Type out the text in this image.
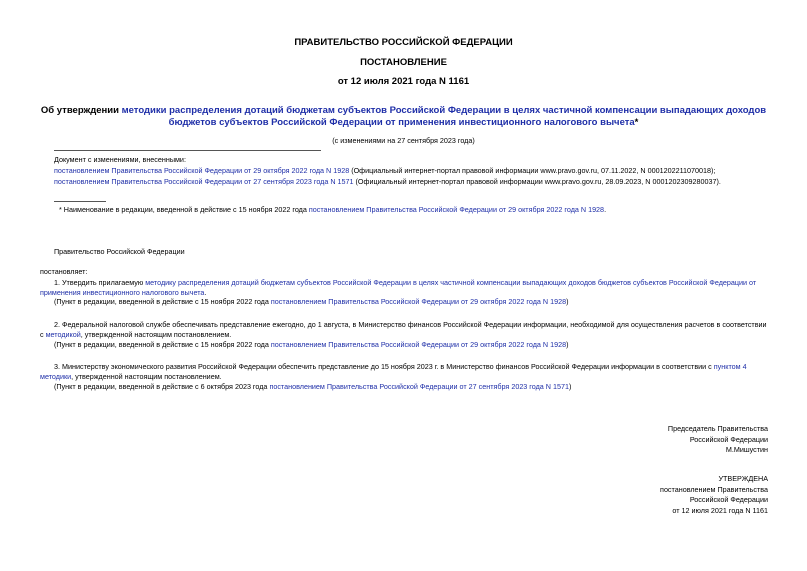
ПРАВИТЕЛЬСТВО РОССИЙСКОЙ ФЕДЕРАЦИИ
ПОСТАНОВЛЕНИЕ
от 12 июля 2021 года N 1161
Об утверждении методики распределения дотаций бюджетам субъектов Российской Федерации в целях частичной компенсации выпадающих доходов бюджетов субъектов Российской Федерации от применения инвестиционного налогового вычета*
(с изменениями на 27 сентября 2023 года)
Документ с изменениями, внесенными:
постановлением Правительства Российской Федерации от 29 октября 2022 года N 1928 (Официальный интернет-портал правовой информации www.pravo.gov.ru, 07.11.2022, N 0001202211070018);
постановлением Правительства Российской Федерации от 27 сентября 2023 года N 1571 (Официальный интернет-портал правовой информации www.pravo.gov.ru, 28.09.2023, N 0001202309280037).
* Наименование в редакции, введенной в действие с 15 ноября 2022 года постановлением Правительства Российской Федерации от 29 октября 2022 года N 1928.
Правительство Российской Федерации
постановляет:
1. Утвердить прилагаемую методику распределения дотаций бюджетам субъектов Российской Федерации в целях частичной компенсации выпадающих доходов бюджетов субъектов Российской Федерации от применения инвестиционного налогового вычета.
(Пункт в редакции, введенной в действие с 15 ноября 2022 года постановлением Правительства Российской Федерации от 29 октября 2022 года N 1928)
2. Федеральной налоговой службе обеспечивать представление ежегодно, до 1 августа, в Министерство финансов Российской Федерации информации, необходимой для осуществления расчетов в соответствии с методикой, утвержденной настоящим постановлением.
(Пункт в редакции, введенной в действие с 15 ноября 2022 года постановлением Правительства Российской Федерации от 29 октября 2022 года N 1928)
3. Министерству экономического развития Российской Федерации обеспечить представление до 15 ноября 2023 г. в Министерство финансов Российской Федерации информации в соответствии с пунктом 4 методики, утвержденной настоящим постановлением.
(Пункт в редакции, введенной в действие с 6 октября 2023 года постановлением Правительства Российской Федерации от 27 сентября 2023 года N 1571)
Председатель Правительства
Российской Федерации
М.Мишустин
УТВЕРЖДЕНА
постановлением Правительства
Российской Федерации
от 12 июля 2021 года N 1161
